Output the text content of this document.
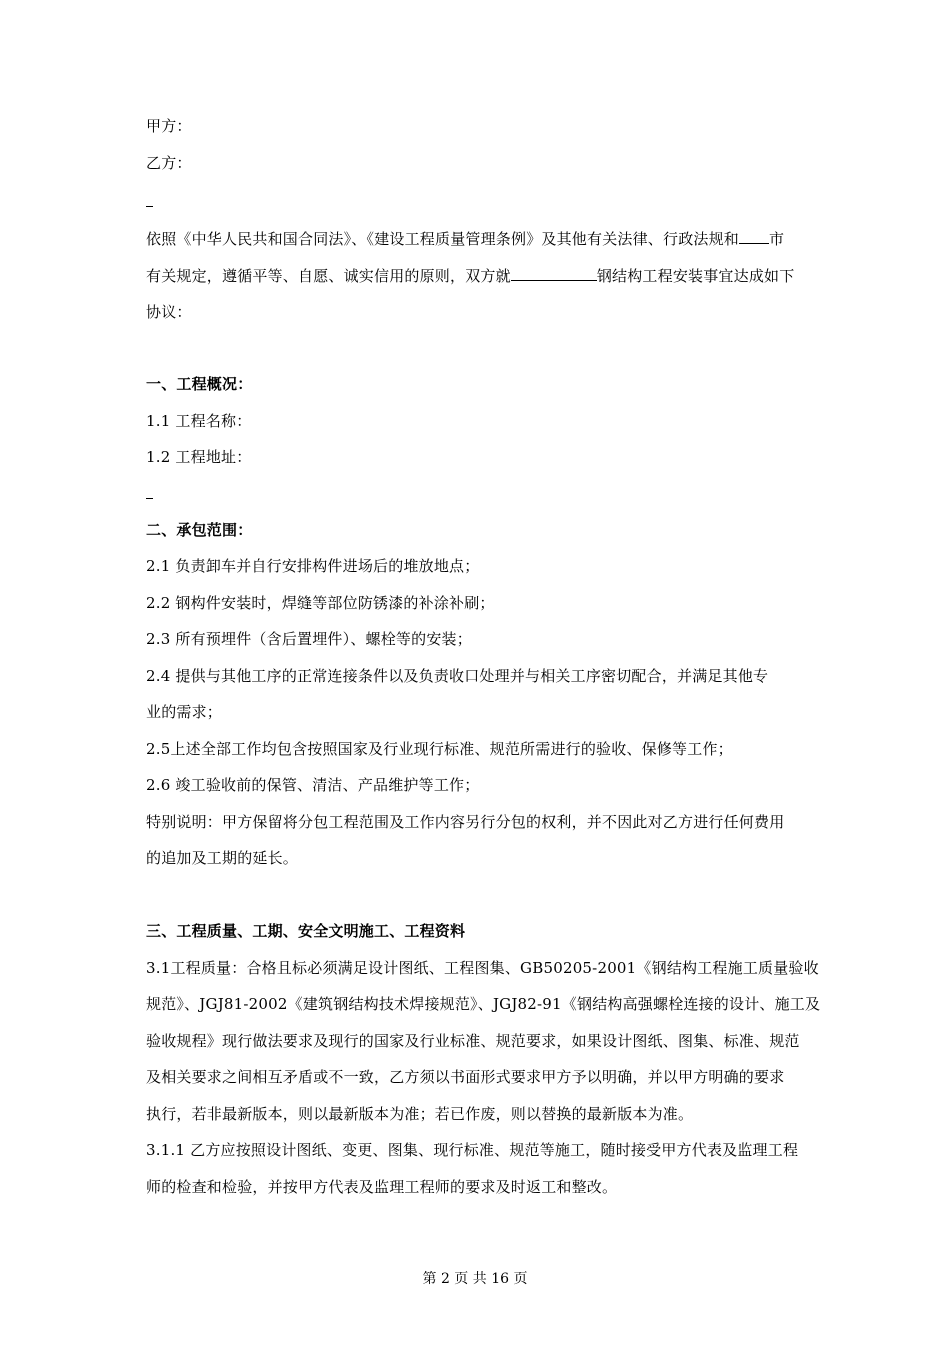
甲方：
乙方：
依照《中华人民共和国合同法》、《建设工程质量管理条例》及其他有关法律、行政法规和 市
有关规定，遵循平等、自愿、诚实信用的原则，双方就	钢结构工程安装事宜达成如下
协议：
一、工程概况：
1.1 工程名称：
1.2 工程地址：
二、承包范围：
2.1 负责卸车并自行安排构件进场后的堆放地点；
2.2 钢构件安装时，焊缝等部位防锈漆的补涂补刷；
2.3 所有预埋件（含后置埋件）、螺栓等的安装；
2.4 提供与其他工序的正常连接条件以及负责收口处理并与相关工序密切配合，并满足其他专
业的需求；
2.5上述全部工作均包含按照国家及行业现行标准、规范所需进行的验收、保修等工作；
2.6 竣工验收前的保管、清洁、产品维护等工作；
特别说明：甲方保留将分包工程范围及工作内容另行分包的权利，并不因此对乙方进行任何费用
的追加及工期的延长。
三、工程质量、工期、安全文明施工、工程资料
3.1工程质量：合格且标必须满足设计图纸、工程图集、GB50205-2001《钢结构工程施工质量验收
规范》、JGJ81-2002《建筑钢结构技术焊接规范》、JGJ82-91《钢结构高强螺栓连接的设计、施工及
验收规程》现行做法要求及现行的国家及行业标准、规范要求，如果设计图纸、图集、标准、规范
及相关要求之间相互矛盾或不一致，乙方须以书面形式要求甲方予以明确，并以甲方明确的要求
执行，若非最新版本，则以最新版本为准；若已作废，则以替换的最新版本为准。
3.1.1 乙方应按照设计图纸、变更、图集、现行标准、规范等施工，随时接受甲方代表及监理工程
师的检查和检验，并按甲方代表及监理工程师的要求及时返工和整改。
第 2 页 共 16 页
